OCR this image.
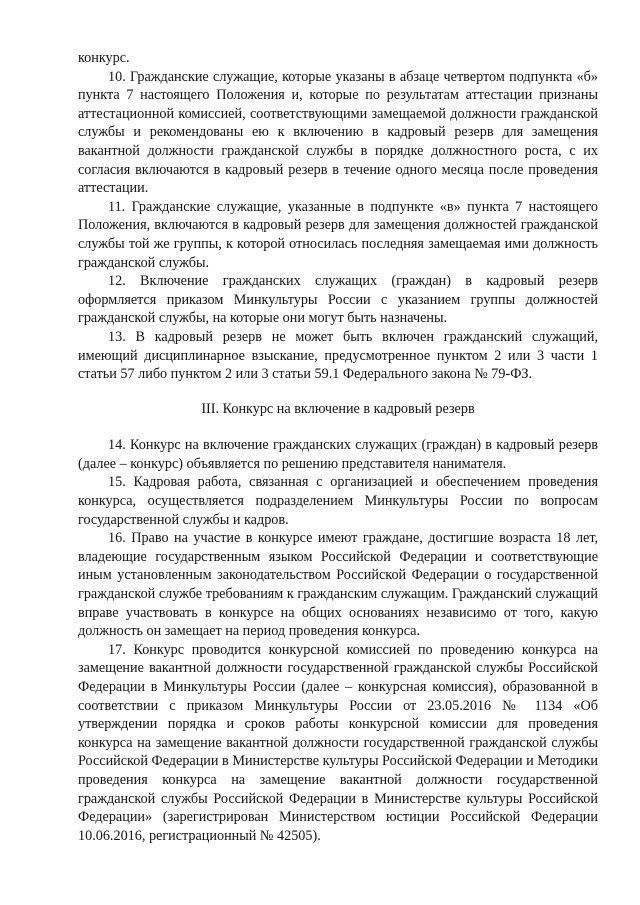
конкурс.

10. Гражданские служащие, которые указаны в абзаце четвертом подпункта «б» пункта 7 настоящего Положения и, которые по результатам аттестации признаны аттестационной комиссией, соответствующими замещаемой должности гражданской службы и рекомендованы ею к включению в кадровый резерв для замещения вакантной должности гражданской службы в порядке должностного роста, с их согласия включаются в кадровый резерв в течение одного месяца после проведения аттестации.

11. Гражданские служащие, указанные в подпункте «в» пункта 7 настоящего Положения, включаются в кадровый резерв для замещения должностей гражданской службы той же группы, к которой относилась последняя замещаемая ими должность гражданской службы.

12. Включение гражданских служащих (граждан) в кадровый резерв оформляется приказом Минкультуры России с указанием группы должностей гражданской службы, на которые они могут быть назначены.

13. В кадровый резерв не может быть включен гражданский служащий, имеющий дисциплинарное взыскание, предусмотренное пунктом 2 или 3 части 1 статьи 57 либо пунктом 2 или 3 статьи 59.1 Федерального закона № 79-ФЗ.

III. Конкурс на включение в кадровый резерв

14. Конкурс на включение гражданских служащих (граждан) в кадровый резерв (далее – конкурс) объявляется по решению представителя нанимателя.

15. Кадровая работа, связанная с организацией и обеспечением проведения конкурса, осуществляется подразделением Минкультуры России по вопросам государственной службы и кадров.

16. Право на участие в конкурсе имеют граждане, достигшие возраста 18 лет, владеющие государственным языком Российской Федерации и соответствующие иным установленным законодательством Российской Федерации о государственной гражданской службе требованиям к гражданским служащим. Гражданский служащий вправе участвовать в конкурсе на общих основаниях независимо от того, какую должность он замещает на период проведения конкурса.

17. Конкурс проводится конкурсной комиссией по проведению конкурса на замещение вакантной должности государственной гражданской службы Российской Федерации в Минкультуры России (далее – конкурсная комиссия), образованной в соответствии с приказом Минкультуры России от 23.05.2016 № 1134 «Об утверждении порядка и сроков работы конкурсной комиссии для проведения конкурса на замещение вакантной должности государственной гражданской службы Российской Федерации в Министерстве культуры Российской Федерации и Методики проведения конкурса на замещение вакантной должности государственной гражданской службы Российской Федерации в Министерстве культуры Российской Федерации» (зарегистрирован Министерством юстиции Российской Федерации 10.06.2016, регистрационный № 42505).
